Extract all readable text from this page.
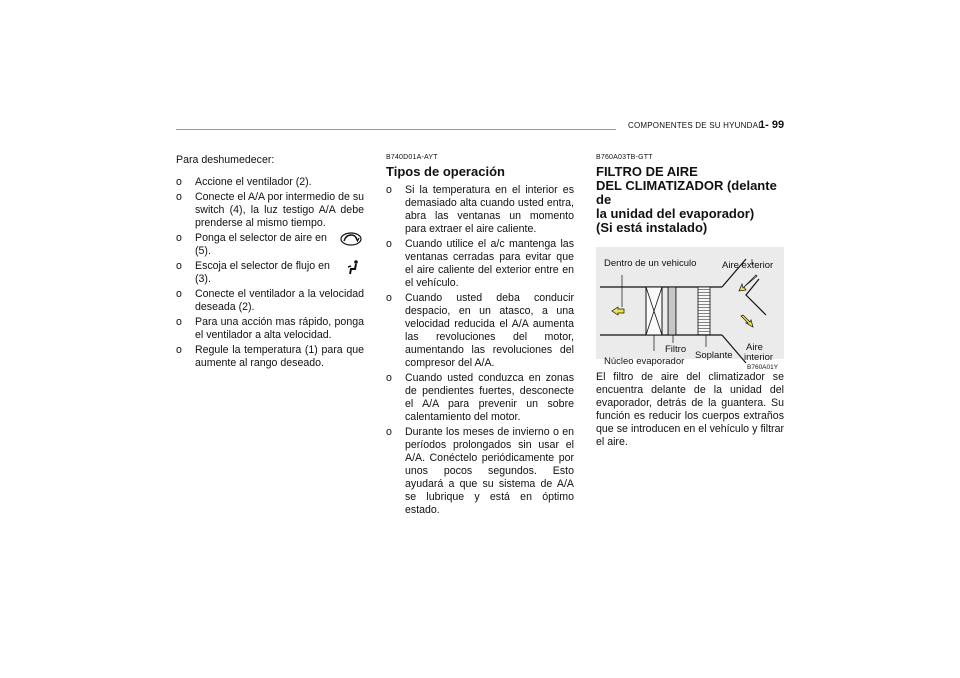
COMPONENTES DE SU HYUNDAI
1- 99
Para deshumedecer:
o Accione el ventilador (2).
o Conecte el A/A por intermedio de su switch (4), la luz testigo A/A debe prenderse al mismo tiempo.
o Ponga el selector de aire en

(5).
o Escoja el selector de flujo en

(3).
o Conecte el ventilador a la velocidad deseada (2).
o Para una acción mas rápido, ponga el ventilador a alta velocidad.
o Regule la temperatura (1) para que aumente al rango deseado.
B740D01A-AYT
Tipos de operación
o Si la temperatura en el interior es demasiado alta cuando usted entra, abra las ventanas un momento para extraer el aire caliente.
o Cuando utilice el a/c mantenga las ventanas cerradas para evitar que el aire caliente del exterior entre en el vehículo.
o Cuando usted deba conducir despacio, en un atasco, a una velocidad reducida el A/A aumenta las revoluciones del motor, aumentando las revoluciones del compresor del A/A.
o Cuando usted conduzca en zonas de pendientes fuertes, desconecte el A/A para prevenir un sobre calentamiento del motor.
o Durante los meses de invierno o en períodos prolongados sin usar el A/A. Conéctelo periódicamente por unos pocos segundos. Esto ayudará a que su sistema de A/A se lubrique y está en óptimo estado.
B760A03TB-GTT
FILTRO DE AIRE
DEL CLIMATIZADOR (delante de
la unidad del evaporador)
(Si está instalado)
Dentro de un vehiculo	Aire exterior
Filtro
Soplante
Aire
interior
Núcleo evaporador
B760A01Y

El filtro de aire del climatizador se encuentra delante de la unidad del evaporador, detrás de la guantera. Su función es reducir los cuerpos extraños que se introducen en el vehículo y filtrar el aire.
